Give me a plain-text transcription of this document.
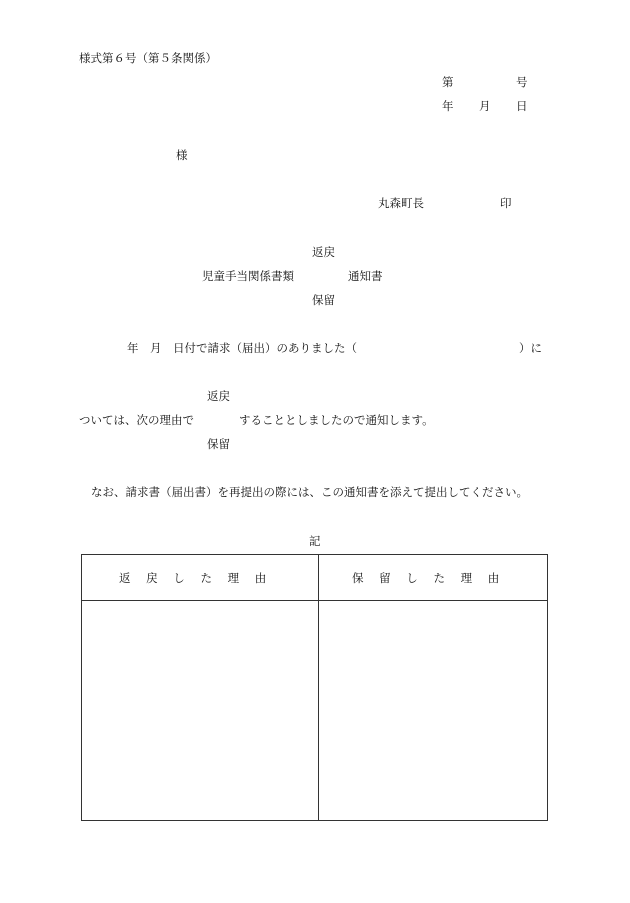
様式第６号（第５条関係）
第	号
年 月 日
様
丸森町長	印
返戻
児童手当関係書類	通知書
保留
年　月　日付で請求（届出）のありました（	）に
返戻
ついては、次の理由で	することとしましたので通知します。
保留
なお、請求書（届出書）を再提出の際には、この通知書を添えて提出してください。
記
返 戻 し た 理 由	保 留 し た 理 由
